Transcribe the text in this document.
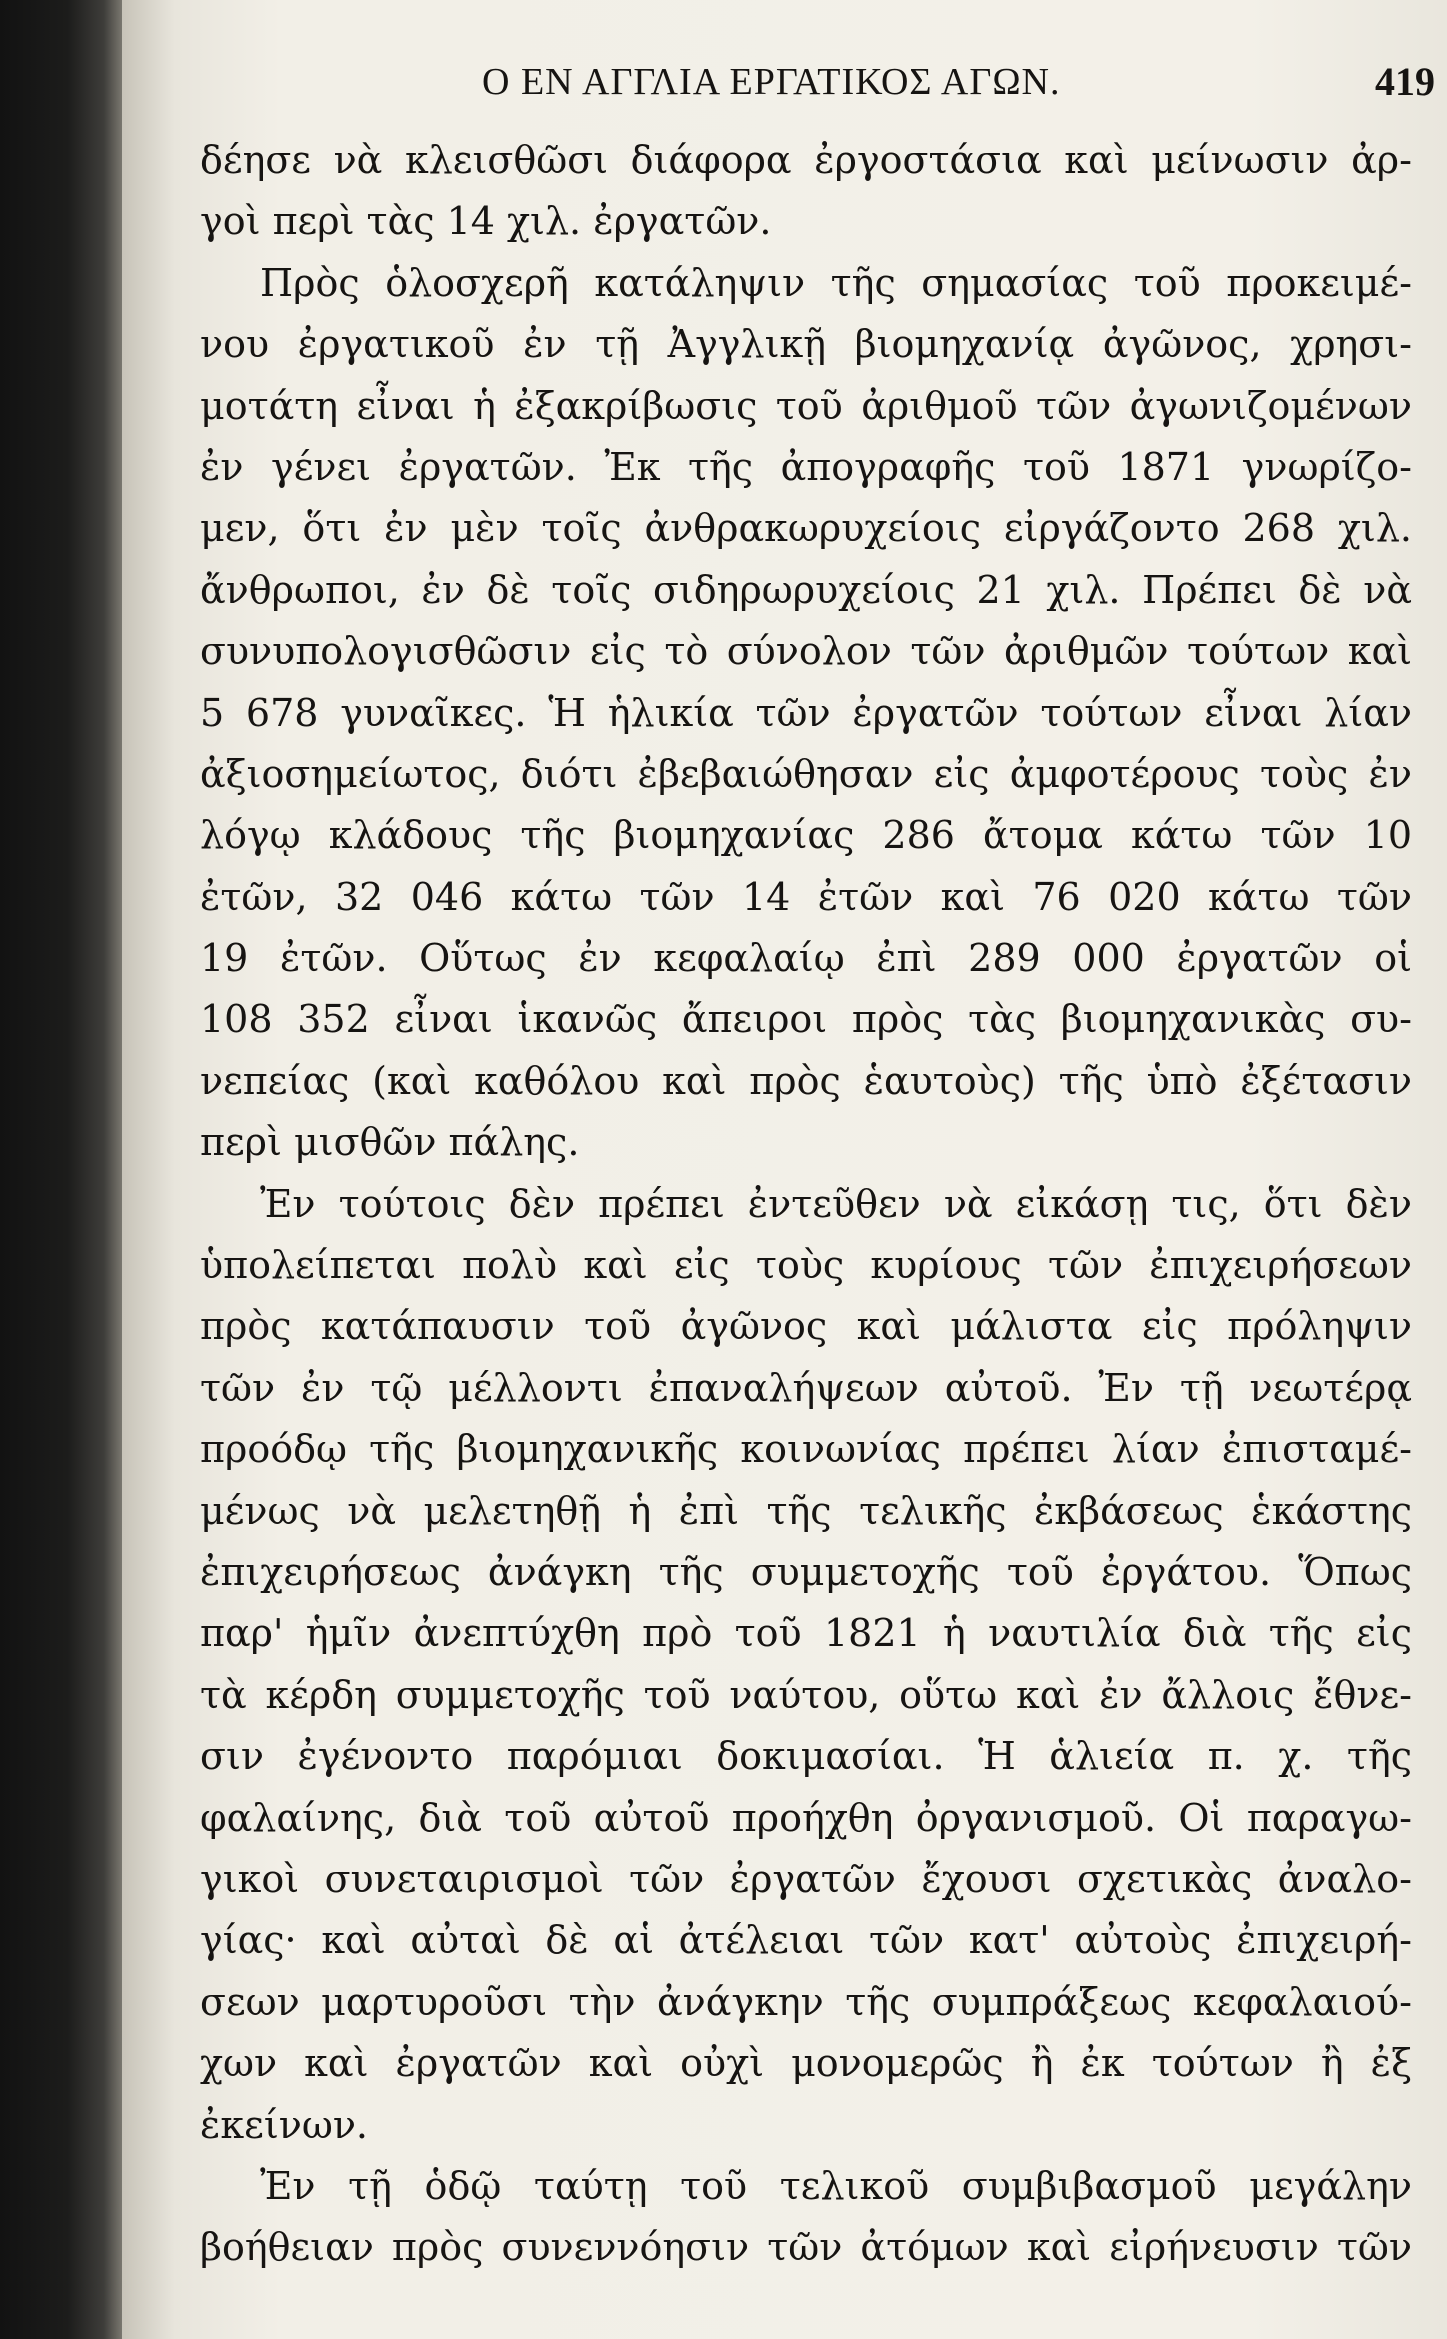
Ο ΕΝ ΑΓΓΛΙΑ ΕΡΓΑΤΙΚΟΣ ΑΓΩΝ.	419
δέησε νὰ κλεισθῶσι διάφορα ἐργοστάσια καὶ μείνωσιν ἀρ-
γοὶ περὶ τὰς 14 χιλ. ἐργατῶν.
Πρὸς ὁλοσχερῆ κατάληψιν τῆς σημασίας τοῦ προκειμέ-
νου ἐργατικοῦ ἐν τῇ Ἀγγλικῇ βιομηχανίᾳ ἀγῶνος, χρησι-
μοτάτη εἶναι ἡ ἐξακρίβωσις τοῦ ἀριθμοῦ τῶν ἀγωνιζομένων
ἐν γένει ἐργατῶν. Ἐκ τῆς ἀπογραφῆς τοῦ 1871 γνωρίζο-
μεν, ὅτι ἐν μὲν τοῖς ἀνθρακωρυχείοις εἰργάζοντο 268 χιλ.
ἄνθρωποι, ἐν δὲ τοῖς σιδηρωρυχείοις 21 χιλ. Πρέπει δὲ νὰ
συνυπολογισθῶσιν εἰς τὸ σύνολον τῶν ἀριθμῶν τούτων καὶ
5 678 γυναῖκες. Ἡ ἡλικία τῶν ἐργατῶν τούτων εἶναι λίαν
ἀξιοσημείωτος, διότι ἐβεβαιώθησαν εἰς ἀμφοτέρους τοὺς ἐν
λόγῳ κλάδους τῆς βιομηχανίας 286 ἄτομα κάτω τῶν 10
ἐτῶν, 32 046 κάτω τῶν 14 ἐτῶν καὶ 76 020 κάτω τῶν
19 ἐτῶν. Οὕτως ἐν κεφαλαίῳ ἐπὶ 289 000 ἐργατῶν οἱ
108 352 εἶναι ἱκανῶς ἄπειροι πρὸς τὰς βιομηχανικὰς συ-
νεπείας (καὶ καθόλου καὶ πρὸς ἑαυτοὺς) τῆς ὑπὸ ἐξέτασιν
περὶ μισθῶν πάλης.
Ἐν τούτοις δὲν πρέπει ἐντεῦθεν νὰ εἰκάσῃ τις, ὅτι δὲν
ὑπολείπεται πολὺ καὶ εἰς τοὺς κυρίους τῶν ἐπιχειρήσεων
πρὸς κατάπαυσιν τοῦ ἀγῶνος καὶ μάλιστα εἰς πρόληψιν
τῶν ἐν τῷ μέλλοντι ἐπαναλήψεων αὐτοῦ. Ἐν τῇ νεωτέρᾳ
προόδῳ τῆς βιομηχανικῆς κοινωνίας πρέπει λίαν ἐπισταμέ-
μένως νὰ μελετηθῇ ἡ ἐπὶ τῆς τελικῆς ἐκβάσεως ἑκάστης
ἐπιχειρήσεως ἀνάγκη τῆς συμμετοχῆς τοῦ ἐργάτου. Ὅπως
παρ' ἡμῖν ἀνεπτύχθη πρὸ τοῦ 1821 ἡ ναυτιλία διὰ τῆς εἰς
τὰ κέρδη συμμετοχῆς τοῦ ναύτου, οὕτω καὶ ἐν ἄλλοις ἔθνε-
σιν ἐγένοντο παρόμιαι δοκιμασίαι. Ἡ ἁλιεία π. χ. τῆς
φαλαίνης, διὰ τοῦ αὐτοῦ προήχθη ὀργανισμοῦ. Οἱ παραγω-
γικοὶ συνεταιρισμοὶ τῶν ἐργατῶν ἔχουσι σχετικὰς ἀναλο-
γίας· καὶ αὐταὶ δὲ αἱ ἀτέλειαι τῶν κατ' αὐτοὺς ἐπιχειρή-
σεων μαρτυροῦσι τὴν ἀνάγκην τῆς συμπράξεως κεφαλαιού-
χων καὶ ἐργατῶν καὶ οὐχὶ μονομερῶς ἢ ἐκ τούτων ἢ ἐξ
ἐκείνων.
Ἐν τῇ ὁδῷ ταύτῃ τοῦ τελικοῦ συμβιβασμοῦ μεγάλην
βοήθειαν πρὸς συνεννόησιν τῶν ἀτόμων καὶ εἰρήνευσιν τῶν
